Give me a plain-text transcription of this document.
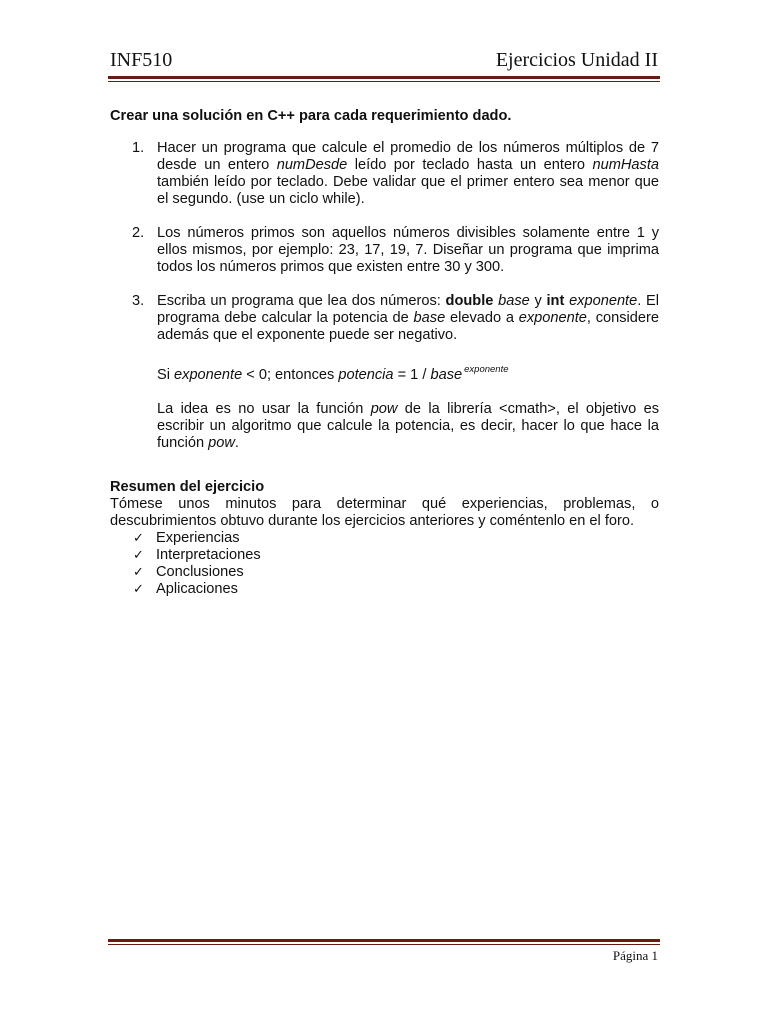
INF510	Ejercicios Unidad II

Crear una solución en C++ para cada requerimiento dado.

1. Hacer un programa que calcule el promedio de los números múltiplos de 7 desde un entero numDesde leído por teclado hasta un entero numHasta también leído por teclado. Debe validar que el primer entero sea menor que el segundo. (use un ciclo while).

2. Los números primos son aquellos números divisibles solamente entre 1 y ellos mismos, por ejemplo: 23, 17, 19, 7. Diseñar un programa que imprima todos los números primos que existen entre 30 y 300.

3. Escriba un programa que lea dos números: double base y int exponente. El programa debe calcular la potencia de base elevado a exponente, considere además que el exponente puede ser negativo.

Si exponente < 0; entonces potencia = 1 / base $^{exponente}$

La idea es no usar la función pow de la librería <cmath>, el objetivo es escribir un algoritmo que calcule la potencia, es decir, hacer lo que hace la función pow.

Resumen del ejercicio

Tómese unos minutos para determinar qué experiencias, problemas, o descubrimientos obtuvo durante los ejercicios anteriores y coméntenlo en el foro.

✓ Experiencias
✓ Interpretaciones
✓ Conclusiones
✓ Aplicaciones
Página 1
